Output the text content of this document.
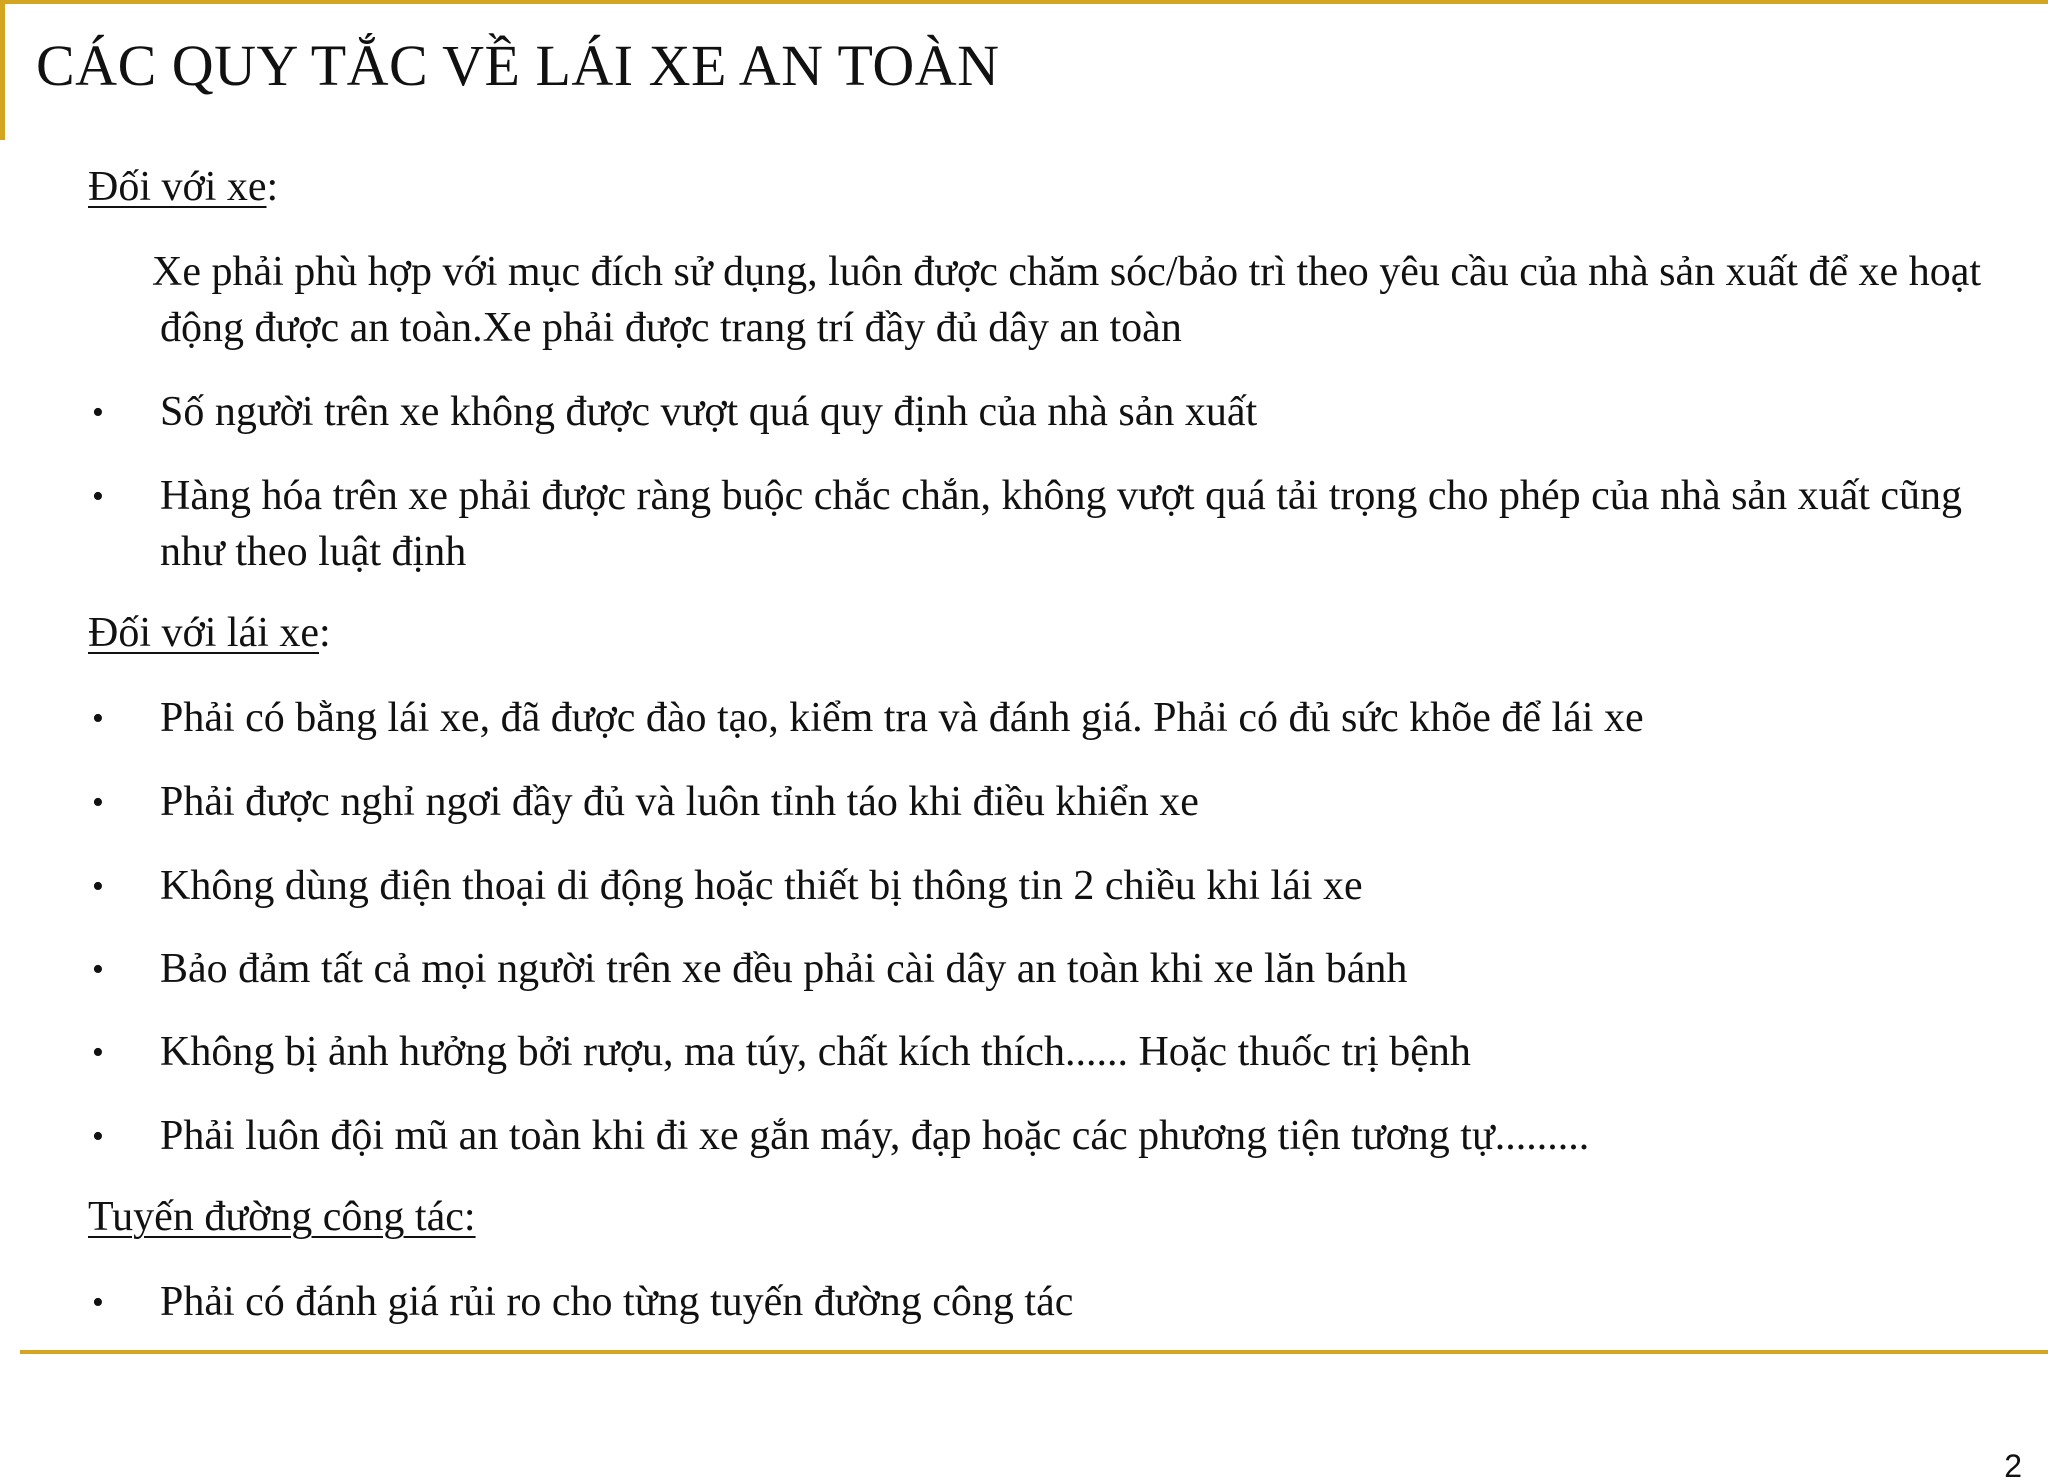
CÁC QUY TẮC VỀ LÁI XE AN TOÀN

Đối với xe:

Xe phải phù hợp với mục đích sử dụng, luôn được chăm sóc/bảo trì theo yêu cầu của nhà sản xuất để xe hoạt động được an toàn.Xe phải được trang trí đầy đủ dây an toàn

• Số người trên xe không được vượt quá quy định của nhà sản xuất

• Hàng hóa trên xe phải được ràng buộc chắc chắn, không vượt quá tải trọng cho phép của nhà sản xuất cũng như theo luật định

Đối với lái xe:

• Phải có bằng lái xe, đã được đào tạo, kiểm tra và đánh giá. Phải có đủ sức khõe để lái xe

• Phải được nghỉ ngơi đầy đủ và luôn tỉnh táo khi điều khiển xe

• Không dùng điện thoại di động hoặc thiết bị thông tin 2 chiều khi lái xe

• Bảo đảm tất cả mọi người trên xe đều phải cài dây an toàn khi xe lăn bánh

• Không bị ảnh hưởng bởi rượu, ma túy, chất kích thích...... Hoặc thuốc trị bệnh

• Phải luôn đội mũ an toàn khi đi xe gắn máy, đạp hoặc các phương tiện tương tự.........

Tuyến đường công tác:

• Phải có đánh giá rủi ro cho từng tuyến đường công tác

2
